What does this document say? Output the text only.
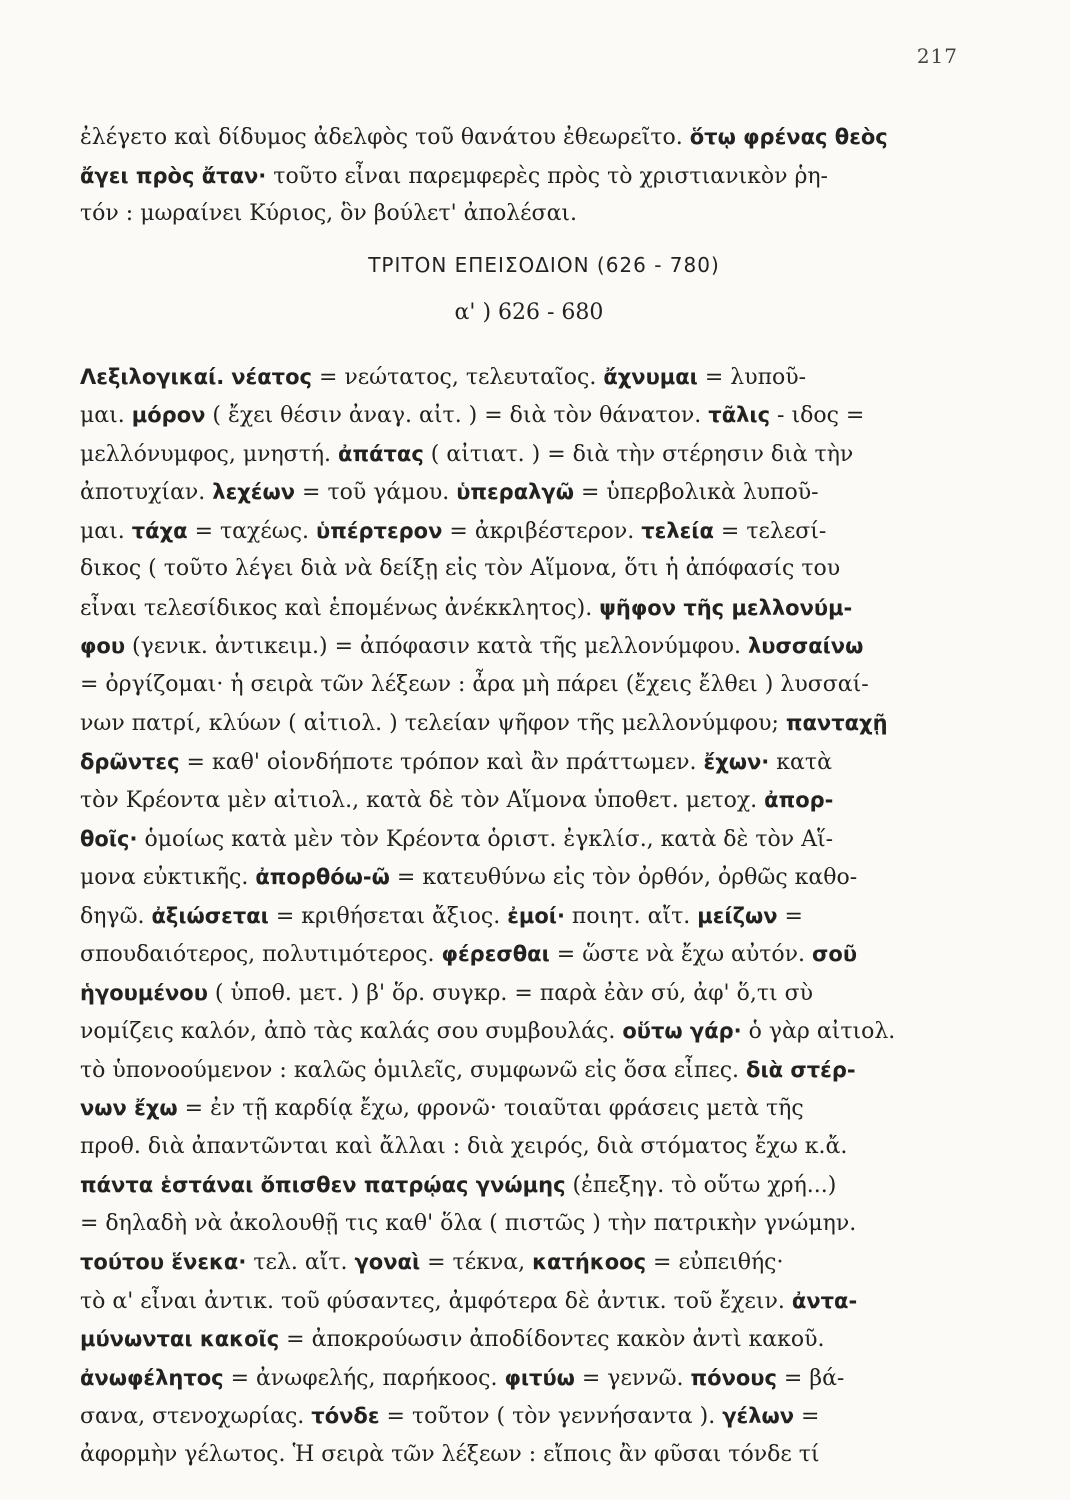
217
ἐλέγετο καὶ δίδυμος ἀδελφὸς τοῦ θανάτου ἐθεωρεῖτο. ὅτῳ φρένας θεὸς
ἄγει πρὸς ἄταν· τοῦτο εἶναι παρεμφερὲς πρὸς τὸ χριστιανικὸν ῥη-
τόν : μωραίνει Κύριος, ὃν βούλετ' ἀπολέσαι.
ΤΡΙΤΟΝ ΕΠΕΙΣΟΔΙΟΝ (626 - 780)
α' ) 626 - 680
Λεξιλογικαί. νέατος = νεώτατος, τελευταῖος. ἄχνυμαι = λυποῦ-
μαι. μόρον ( ἔχει θέσιν ἀναγ. αἰτ. ) = διὰ τὸν θάνατον. τᾶλις - ιδος =
μελλόνυμφος, μνηστή. ἀπάτας ( αἰτιατ. ) = διὰ τὴν στέρησιν διὰ τὴν
ἀποτυχίαν. λεχέων = τοῦ γάμου. ὑπεραλγῶ = ὑπερβολικὰ λυποῦ-
μαι. τάχα = ταχέως. ὑπέρτερον = ἀκριβέστερον. τελεία = τελεσί-
δικος ( τοῦτο λέγει διὰ νὰ δείξῃ εἰς τὸν Αἵμονα, ὅτι ἡ ἀπόφασίς του
εἶναι τελεσίδικος καὶ ἑπομένως ἀνέκκλητος). ψῆφον τῆς μελλονύμ-
φου (γενικ. ἀντικειμ.) = ἀπόφασιν κατὰ τῆς μελλονύμφου. λυσσαίνω
= ὀργίζομαι· ἡ σειρὰ τῶν λέξεων : ἆρα μὴ πάρει (ἔχεις ἔλθει ) λυσσαί-
νων πατρί, κλύων ( αἰτιολ. ) τελείαν ψῆφον τῆς μελλονύμφου; πανταχῇ
δρῶντες = καθ' οἱονδήποτε τρόπον καὶ ἂν πράττωμεν. ἔχων· κατὰ
τὸν Κρέοντα μὲν αἰτιολ., κατὰ δὲ τὸν Αἵμονα ὑποθετ. μετοχ. ἀπορ-
θοῖς· ὁμοίως κατὰ μὲν τὸν Κρέοντα ὁριστ. ἐγκλίσ., κατὰ δὲ τὸν Αἵ-
μονα εὐκτικῆς. ἀπορθόω-ῶ = κατευθύνω εἰς τὸν ὀρθόν, ὀρθῶς καθο-
δηγῶ. ἀξιώσεται = κριθήσεται ἄξιος. ἐμοί· ποιητ. αἴτ. μείζων =
σπουδαιότερος, πολυτιμότερος. φέρεσθαι = ὥστε νὰ ἔχω αὐτόν. σοῦ
ἡγουμένου ( ὑποθ. μετ. ) β' ὅρ. συγκρ. = παρὰ ἐὰν σύ, ἀφ' ὅ,τι σὺ
νομίζεις καλόν, ἀπὸ τὰς καλάς σου συμβουλάς. οὕτω γάρ· ὁ γὰρ αἰτιολ.
τὸ ὑπονοούμενον : καλῶς ὁμιλεῖς, συμφωνῶ εἰς ὅσα εἶπες. διὰ στέρ-
νων ἔχω = ἐν τῇ καρδίᾳ ἔχω, φρονῶ· τοιαῦται φράσεις μετὰ τῆς
προθ. διὰ ἀπαντῶνται καὶ ἄλλαι : διὰ χειρός, διὰ στόματος ἔχω κ.ἄ.
πάντα ἑστάναι ὄπισθεν πατρῴας γνώμης (ἐπεξηγ. τὸ οὕτω χρή...)
= δηλαδὴ νὰ ἀκολουθῇ τις καθ' ὅλα ( πιστῶς ) τὴν πατρικὴν γνώμην.
τούτου ἕνεκα· τελ. αἴτ. γοναὶ = τέκνα, κατήκοος = εὐπειθής·
τὸ α' εἶναι ἀντικ. τοῦ φύσαντες, ἀμφότερα δὲ ἀντικ. τοῦ ἔχειν. ἀντα-
μύνωνται κακοῖς = ἀποκρούωσιν ἀποδίδοντες κακὸν ἀντὶ κακοῦ.
ἀνωφέλητος = ἀνωφελής, παρήκοος. φιτύω = γεννῶ. πόνους = βά-
σανα, στενοχωρίας. τόνδε = τοῦτον ( τὸν γεννήσαντα ). γέλων =
ἀφορμὴν γέλωτος. Ἡ σειρὰ τῶν λέξεων : εἴποις ἂν φῦσαι τόνδε τί
